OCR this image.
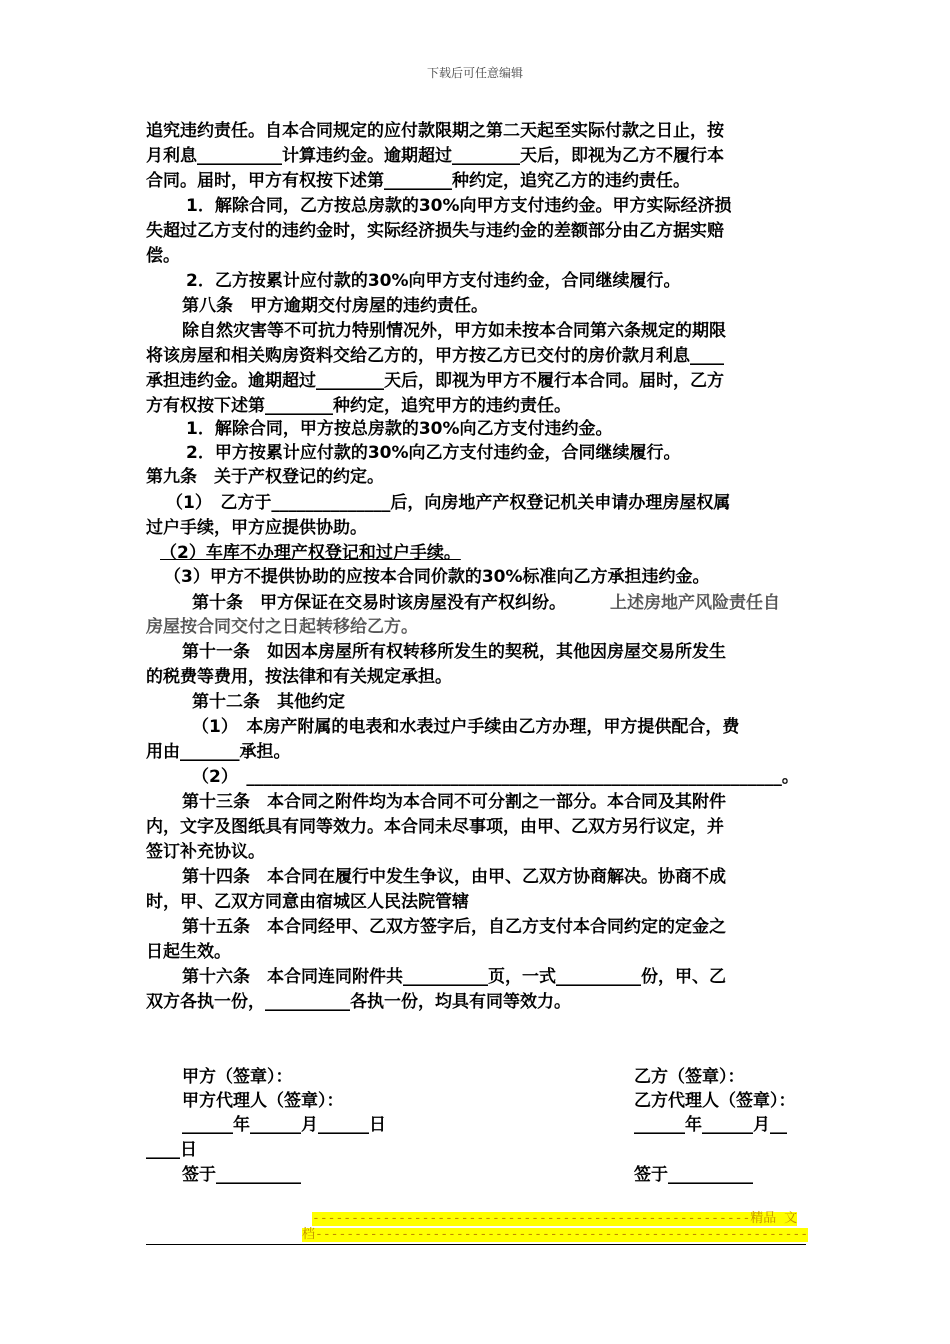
下载后可任意编辑
追究违约责任。自本合同规定的应付款限期之第二天起至实际付款之日止，按
月利息__________计算违约金。逾期超过________天后，即视为乙方不履行本
合同。届时，甲方有权按下述第________种约定，追究乙方的违约责任。
1．解除合同，乙方按总房款的30%向甲方支付违约金。甲方实际经济损
失超过乙方支付的违约金时，实际经济损失与违约金的差额部分由乙方据实赔
偿。
2．乙方按累计应付款的30%向甲方支付违约金，合同继续履行。
第八条　甲方逾期交付房屋的违约责任。
除自然灾害等不可抗力特别情况外，甲方如未按本合同第六条规定的期限
将该房屋和相关购房资料交给乙方的，甲方按乙方已交付的房价款月利息____
承担违约金。逾期超过________天后，即视为甲方不履行本合同。届时，乙方
方有权按下述第________种约定，追究甲方的违约责任。
1．解除合同，甲方按总房款的30%向乙方支付违约金。
2．甲方按累计应付款的30%向乙方支付违约金，合同继续履行。
第九条　关于产权登记的约定。
（1）　乙方于______________后，向房地产产权登记机关申请办理房屋权属
过户手续，甲方应提供协助。
（2）车库不办理产权登记和过户手续。
（3）甲方不提供协助的应按本合同价款的30%标准向乙方承担违约金。
第十条　甲方保证在交易时该房屋没有产权纠纷。	上述房地产风险责任自
房屋按合同交付之日起转移给乙方。
第十一条　如因本房屋所有权转移所发生的契税，其他因房屋交易所发生
的税费等费用，按法律和有关规定承担。
第十二条　其他约定
（1）　本房产附属的电表和水表过户手续由乙方办理，甲方提供配合，费
用由_______承担。
（2）　_______________________________________________________________。
第十三条　本合同之附件均为本合同不可分割之一部分。本合同及其附件
内，文字及图纸具有同等效力。本合同未尽事项，由甲、乙双方另行议定，并
签订补充协议。
第十四条　本合同在履行中发生争议，由甲、乙双方协商解决。协商不成
时，甲、乙双方同意由宿城区人民法院管辖
第十五条　本合同经甲、乙双方签字后，自乙方支付本合同约定的定金之
日起生效。
第十六条　本合同连同附件共__________页，一式__________份，甲、乙
双方各执一份，__________各执一份，均具有同等效力。
甲方（签章）：	乙方（签章）：
甲方代理人（签章）：	乙方代理人（签章）：
______年______月______日	______年______月__
____日
签于__________	签于__________
--------------------------------------------------------精品 文
档---------------------------------------------------------------
